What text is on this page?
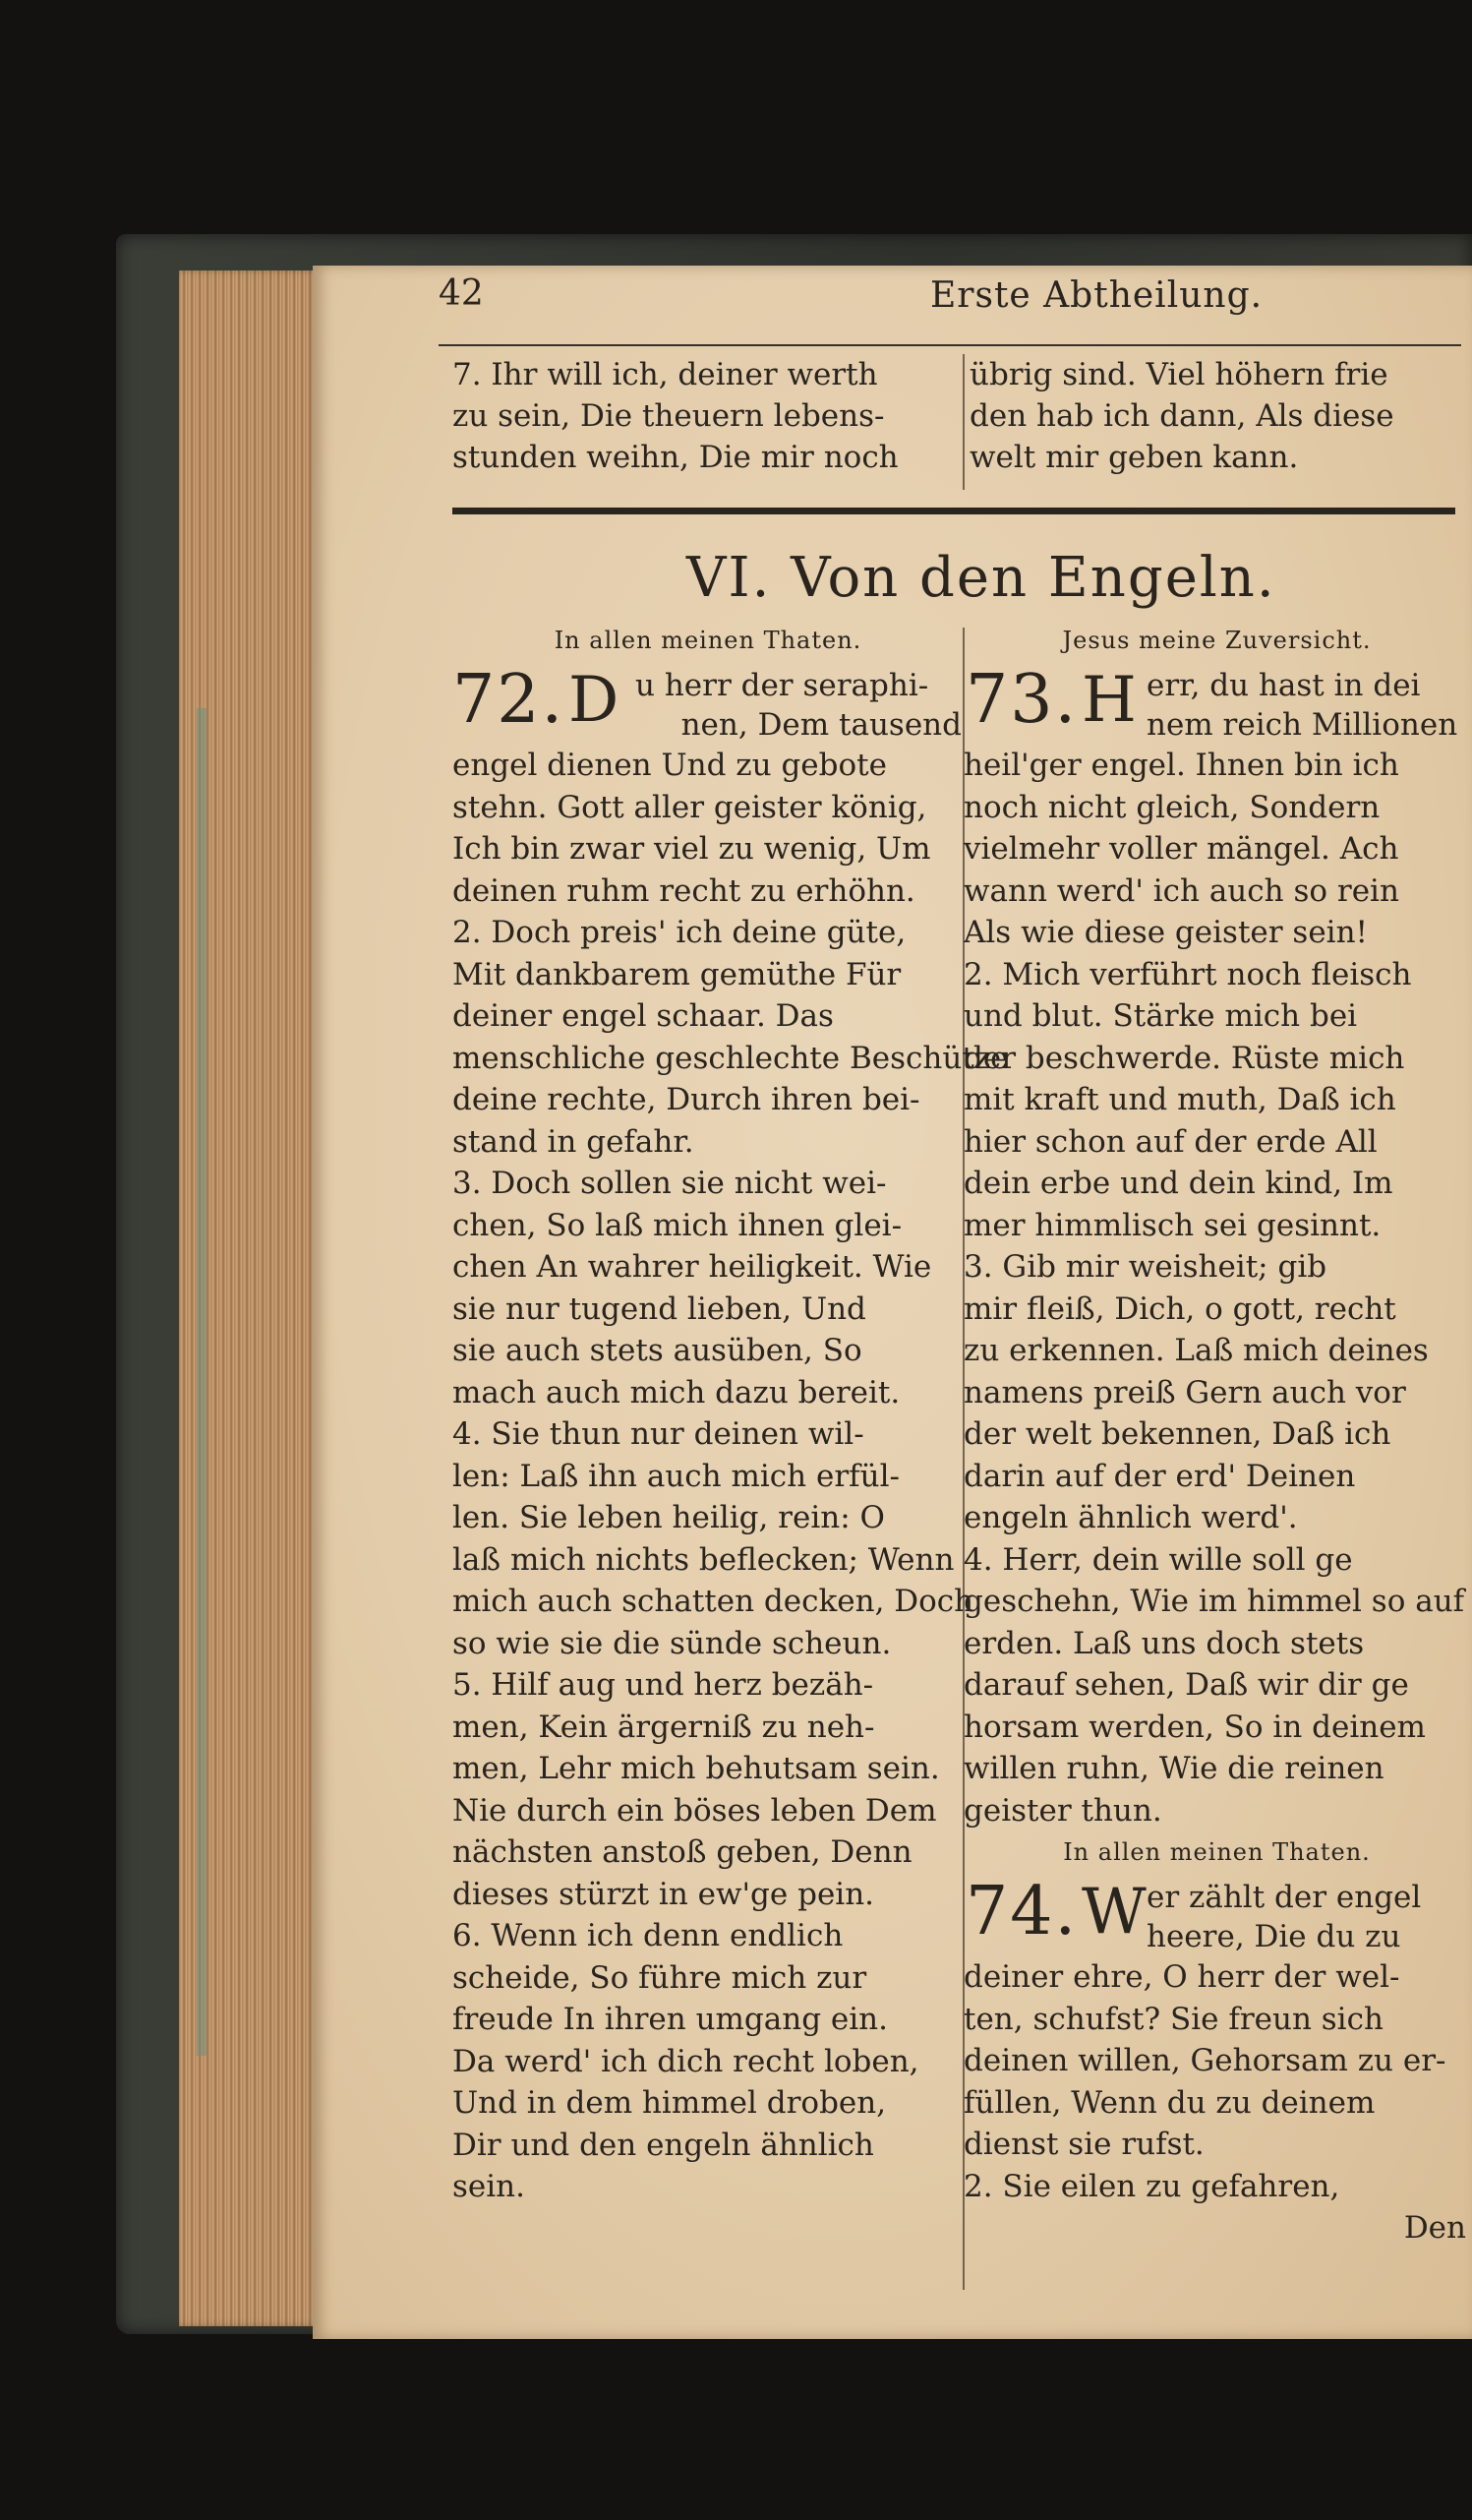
42	Erste Abtheilung.
7. Ihr will ich, deiner werth
zu sein, Die theuern lebens-
stunden weihn, Die mir noch
übrig sind. Viel höhern frie
den hab ich dann, Als diese
welt mir geben kann.
VI. Von den Engeln.
In allen meinen Thaten.
72. D u herr der seraphi-
nen, Dem tausend
engel dienen Und zu gebote
stehn. Gott aller geister könig,
Ich bin zwar viel zu wenig, Um
deinen ruhm recht zu erhöhn.
2. Doch preis' ich deine güte,
Mit dankbarem gemüthe Für
deiner engel schaar. Das
menschliche geschlechte Beschütze
deine rechte, Durch ihren bei-
stand in gefahr.
3. Doch sollen sie nicht wei-
chen, So laß mich ihnen glei-
chen An wahrer heiligkeit. Wie
sie nur tugend lieben, Und
sie auch stets ausüben, So
mach auch mich dazu bereit.
4. Sie thun nur deinen wil-
len: Laß ihn auch mich erfül-
len. Sie leben heilig, rein: O
laß mich nichts beflecken; Wenn
mich auch schatten decken, Doch
so wie sie die sünde scheun.
5. Hilf aug und herz bezäh-
men, Kein ärgerniß zu neh-
men, Lehr mich behutsam sein.
Nie durch ein böses leben Dem
nächsten anstoß geben, Denn
dieses stürzt in ew'ge pein.
6. Wenn ich denn endlich
scheide, So führe mich zur
freude In ihren umgang ein.
Da werd' ich dich recht loben,
Und in dem himmel droben,
Dir und den engeln ähnlich
sein.
Jesus meine Zuversicht.
73. H err, du hast in dei
nem reich Millionen
heil'ger engel. Ihnen bin ich
noch nicht gleich, Sondern
vielmehr voller mängel. Ach
wann werd' ich auch so rein
Als wie diese geister sein!
2. Mich verführt noch fleisch
und blut. Stärke mich bei
der beschwerde. Rüste mich
mit kraft und muth, Daß ich
hier schon auf der erde All
dein erbe und dein kind, Im
mer himmlisch sei gesinnt.
3. Gib mir weisheit; gib
mir fleiß, Dich, o gott, recht
zu erkennen. Laß mich deines
namens preiß Gern auch vor
der welt bekennen, Daß ich
darin auf der erd' Deinen
engeln ähnlich werd'.
4. Herr, dein wille soll ge
geschehn, Wie im himmel so auf
erden. Laß uns doch stets
darauf sehen, Daß wir dir ge
horsam werden, So in deinem
willen ruhn, Wie die reinen
geister thun.
In allen meinen Thaten.
74. W er zählt der engel
heere, Die du zu
deiner ehre, O herr der wel-
ten, schufst? Sie freun sich
deinen willen, Gehorsam zu er-
füllen, Wenn du zu deinem
dienst sie rufst.
2. Sie eilen zu gefahren,
Den
